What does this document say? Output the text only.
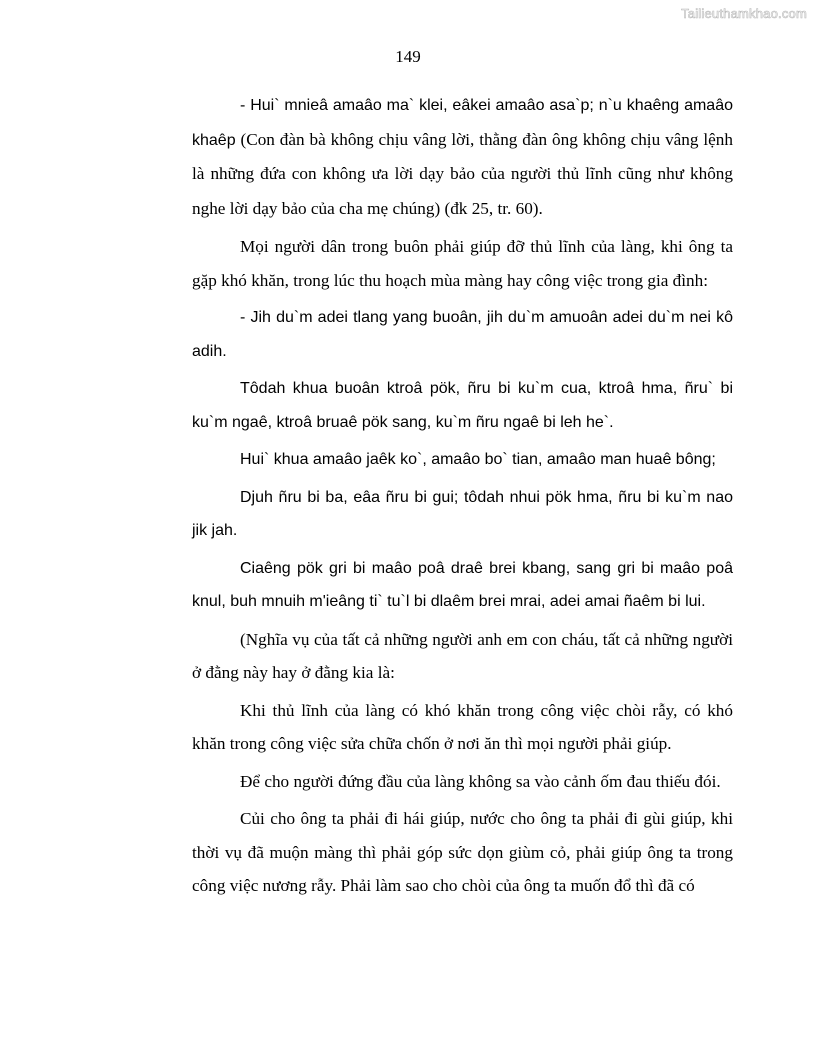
Tailieuthamkhao.com
149

- Hui` mnieâ amaâo ma` klei, eâkei amaâo asa`p; n`u khaêng amaâo khaêp (Con đàn bà không chịu vâng lời, thằng đàn ông không chịu vâng lệnh là những đứa con không ưa lời dạy bảo của người thủ lĩnh cũng như không nghe lời dạy bảo của cha mẹ chúng) (đk 25, tr. 60).

Mọi người dân trong buôn phải giúp đỡ thủ lĩnh của làng, khi ông ta gặp khó khăn, trong lúc thu hoạch mùa màng hay công việc trong gia đình:

- Jih du`m adei tlang yang buoân, jih du`m amuoân adei du`m nei kô adih.

Tôdah khua buoân ktroâ pök, ñru bi ku`m cua, ktroâ hma, ñru` bi ku`m ngaê, ktroâ bruaê pök sang, ku`m ñru ngaê bi leh he`.

Hui` khua amaâo jaêk ko`, amaâo bo` tian, amaâo man huaê bông;

Djuh ñru bi ba, eâa ñru bi gui; tôdah nhui pök hma, ñru bi ku`m nao jik jah.

Ciaêng pök gri bi maâo poâ draê brei kbang, sang gri bi maâo poâ knul, buh mnuih m'ieâng ti` tu`l bi dlaêm brei mrai, adei amai ñaêm bi lui.

(Nghĩa vụ của tất cả những người anh em con cháu, tất cả những người ở đằng này hay ở đằng kia là:

Khi thủ lĩnh của làng có khó khăn trong công việc chòi rẫy, có khó khăn trong công việc sửa chữa chốn ở nơi ăn thì mọi người phải giúp.

Để cho người đứng đầu của làng không sa vào cảnh ốm đau thiếu đói.

Củi cho ông ta phải đi hái giúp, nước cho ông ta phải đi gùi giúp, khi thời vụ đã muộn màng thì phải góp sức dọn giùm cỏ, phải giúp ông ta trong công việc nương rẫy. Phải làm sao cho chòi của ông ta muốn đổ thì đã có
